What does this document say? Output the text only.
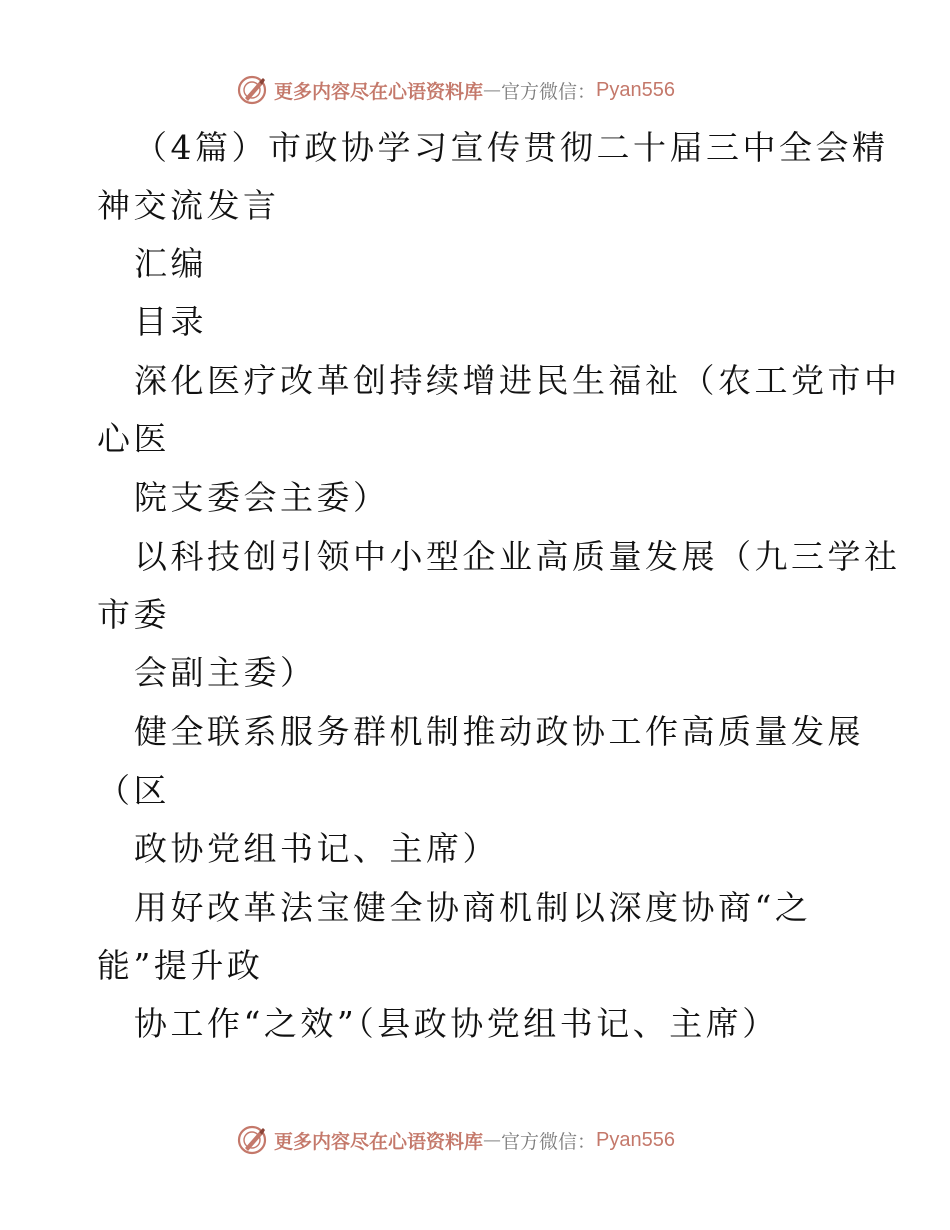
更多内容尽在心语资料库 — 官方微信： Pyan556
（4篇）市政协学习宣传贯彻二十届三中全会精
神交流发言
汇编
目录
深化医疗改革创持续增进民生福祉（农工党市中
心医
院支委会主委）
以科技创引领中小型企业高质量发展（九三学社
市委
会副主委）
健全联系服务群机制推动政协工作高质量发展
（区
政协党组书记、主席）
用好改革法宝健全协商机制以深度协商“之
能”提升政
协工作“之效”（县政协党组书记、主席）
更多内容尽在心语资料库 — 官方微信： Pyan556
